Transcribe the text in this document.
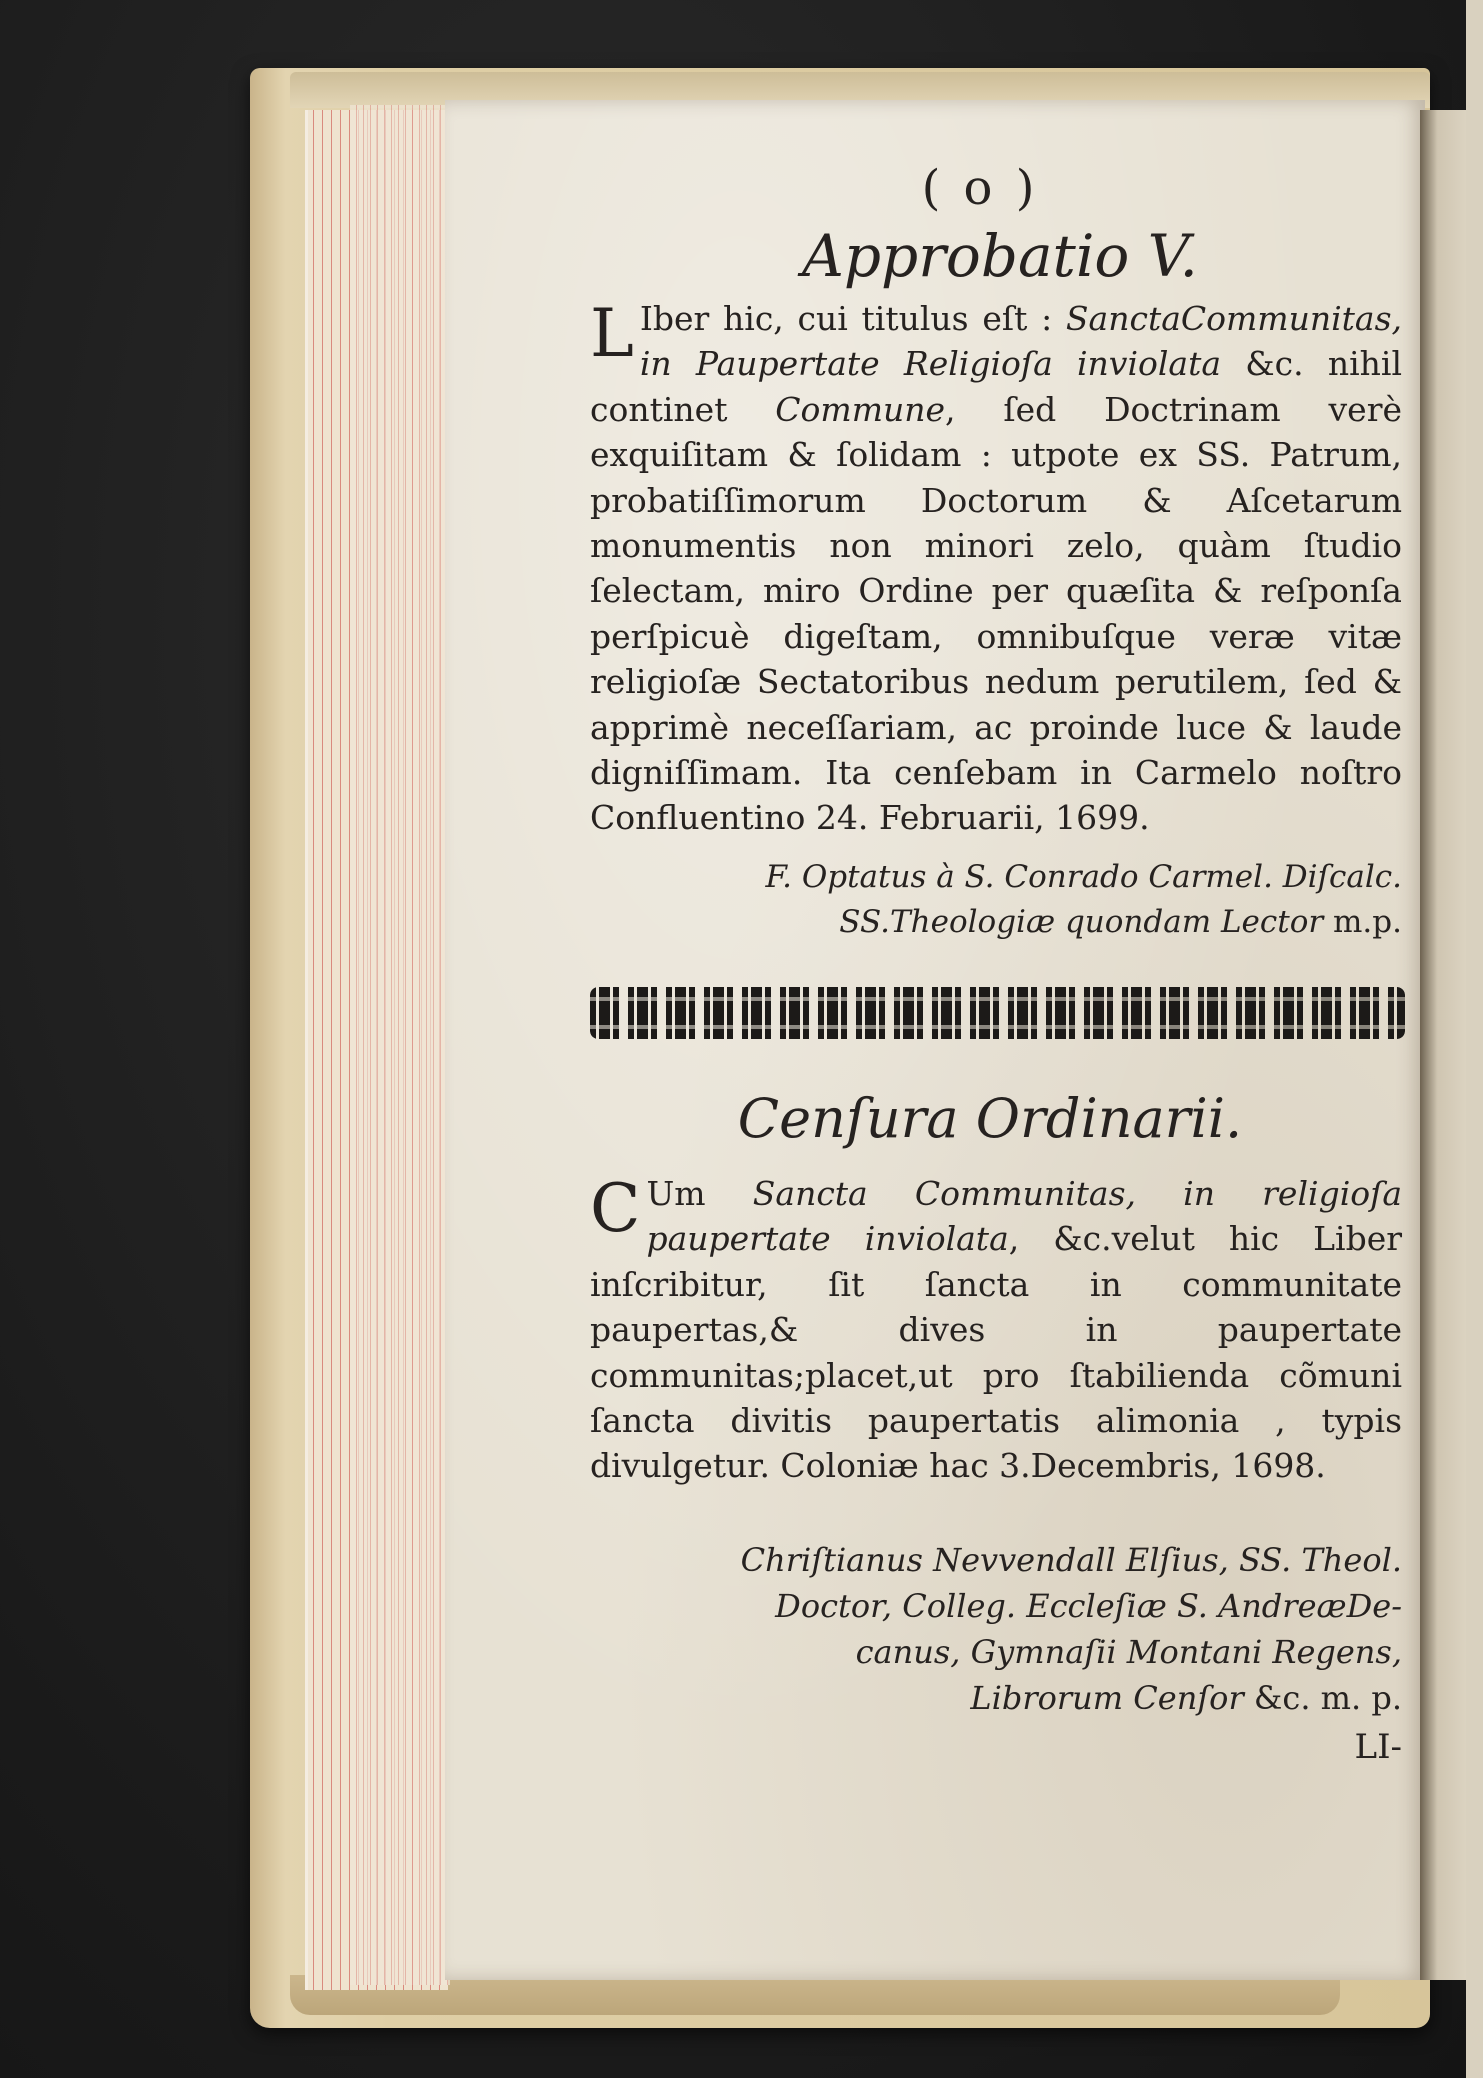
( o )
Approbatio V.
L Iber hic, cui titulus eſt : SanctaCommunitas, in Paupertate Religioſa inviolata &c. nihil continet Commune, ſed Doctrinam verè exquiſitam & ſolidam : utpote ex SS. Patrum, probatiſſimorum Doctorum & Aſcetarum monumentis non minori zelo, quàm ſtudio ſelectam, miro Ordine per quæſita & reſponſa perſpicuè digeſtam, omnibuſque veræ vitæ religioſæ Sectatoribus nedum perutilem, ſed & apprimè neceſſariam, ac proinde luce & laude digniſſimam. Ita cenſebam in Carmelo noſtro Confluentino 24. Februarii, 1699.
F. Optatus à S. Conrado Carmel. Diſcalc.
SS.Theologiæ quondam Lector m.p.
Cenſura Ordinarii.
C Um Sancta Communitas, in religioſa paupertate inviolata, &c.velut hic Liber inſcribitur, ſit ſancta in communitate paupertas,& dives in paupertate communitas;placet,ut pro ſtabilienda cõmuni ſancta divitis paupertatis alimonia , typis divulgetur. Coloniæ hac 3.Decembris, 1698.
Chriſtianus Nevvendall Elſius, SS. Theol.
Doctor, Colleg. Eccleſiæ S. AndreæDe-
canus, Gymnaſii Montani Regens,
Librorum Cenſor &c. m. p.
LI-
